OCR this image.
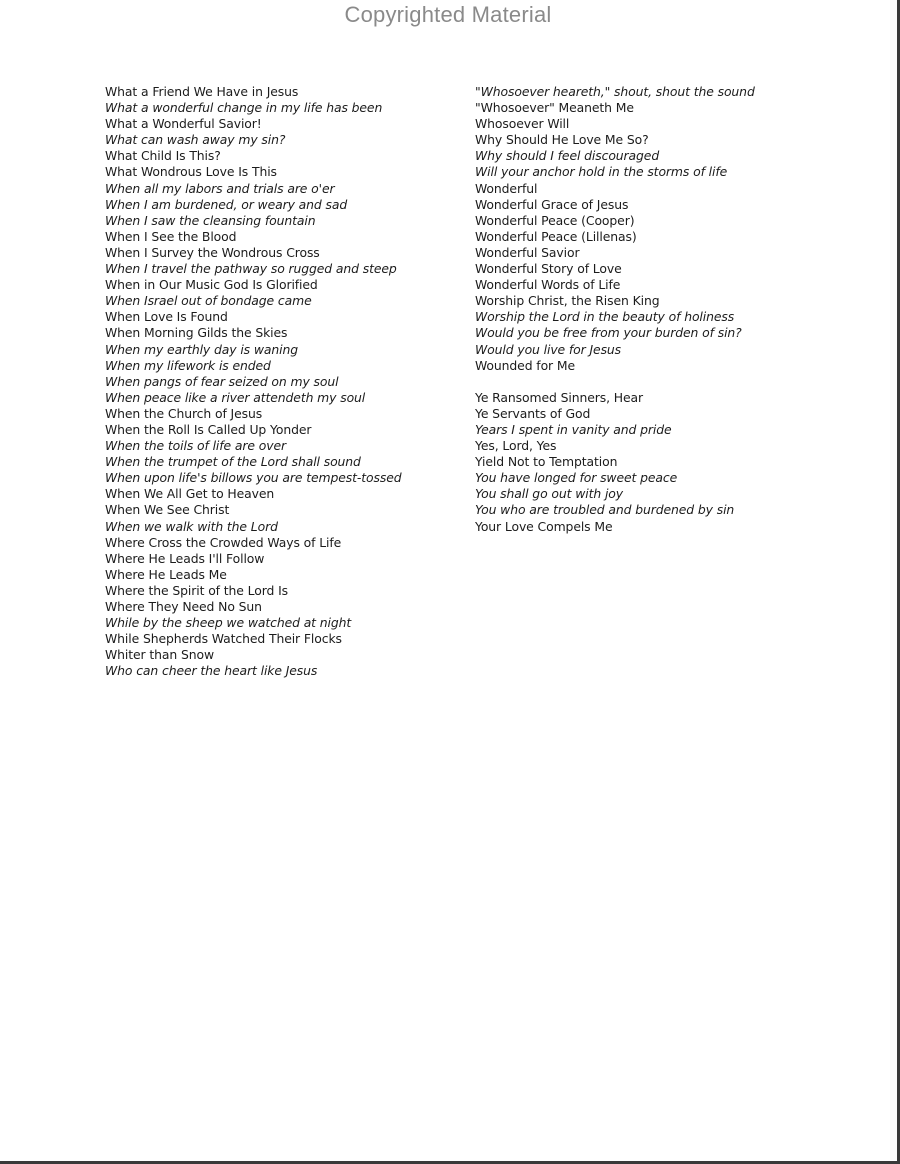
Copyrighted Material
What a Friend We Have in Jesus
What a wonderful change in my life has been
What a Wonderful Savior!
What can wash away my sin?
What Child Is This?
What Wondrous Love Is This
When all my labors and trials are o'er
When I am burdened, or weary and sad
When I saw the cleansing fountain
When I See the Blood
When I Survey the Wondrous Cross
When I travel the pathway so rugged and steep
When in Our Music God Is Glorified
When Israel out of bondage came
When Love Is Found
When Morning Gilds the Skies
When my earthly day is waning
When my lifework is ended
When pangs of fear seized on my soul
When peace like a river attendeth my soul
When the Church of Jesus
When the Roll Is Called Up Yonder
When the toils of life are over
When the trumpet of the Lord shall sound
When upon life's billows you are tempest-tossed
When We All Get to Heaven
When We See Christ
When we walk with the Lord
Where Cross the Crowded Ways of Life
Where He Leads I'll Follow
Where He Leads Me
Where the Spirit of the Lord Is
Where They Need No Sun
While by the sheep we watched at night
While Shepherds Watched Their Flocks
Whiter than Snow
Who can cheer the heart like Jesus
"Whosoever heareth," shout, shout the sound
"Whosoever" Meaneth Me
Whosoever Will
Why Should He Love Me So?
Why should I feel discouraged
Will your anchor hold in the storms of life
Wonderful
Wonderful Grace of Jesus
Wonderful Peace (Cooper)
Wonderful Peace (Lillenas)
Wonderful Savior
Wonderful Story of Love
Wonderful Words of Life
Worship Christ, the Risen King
Worship the Lord in the beauty of holiness
Would you be free from your burden of sin?
Would you live for Jesus
Wounded for Me
Ye Ransomed Sinners, Hear
Ye Servants of God
Years I spent in vanity and pride
Yes, Lord, Yes
Yield Not to Temptation
You have longed for sweet peace
You shall go out with joy
You who are troubled and burdened by sin
Your Love Compels Me
